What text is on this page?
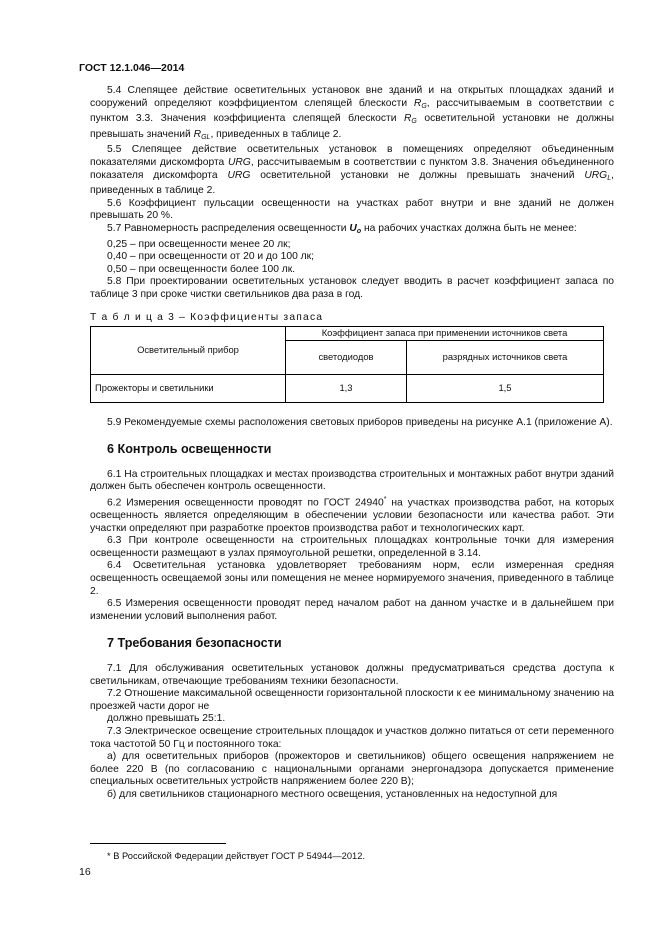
ГОСТ 12.1.046—2014

5.4 Слепящее действие осветительных установок вне зданий и на открытых площадках зданий и сооружений определяют коэффициентом слепящей блескости $R_G$, рассчитываемым в соответствии с пунктом 3.3. Значения коэффициента слепящей блескости $R_G$ осветительной установки не должны превышать значений $R_{GL}$, приведенных в таблице 2.

5.5 Слепящее действие осветительных установок в помещениях определяют объединенным показателями дискомфорта URG, рассчитываемым в соответствии с пунктом 3.8. Значения объединенного показателя дискомфорта URG осветительной установки не должны превышать значений $URG_L$, приведенных в таблице 2.

5.6 Коэффициент пульсации освещенности на участках работ внутри и вне зданий не должен превышать 20 %.

5.7 Равномерность распределения освещенности $U_o$ на рабочих участках должна быть не менее:

0,25 – при освещенности менее 20 лк;

0,40 – при освещенности от 20 и до 100 лк;

0,50 – при освещенности более 100 лк.

5.8 При проектировании осветительных установок следует вводить в расчет коэффициент запаса по таблице 3 при сроке чистки светильников два раза в год.

Т а б л и ц а 3 – Коэффициенты запаса

Осветительный прибор	Коэффициент запаса при применении источников света	
	светодиодов	разрядных источников света
Прожекторы и светильники	1,3	1,5

5.9 Рекомендуемые схемы расположения световых приборов приведены на рисунке А.1 (приложение А).

6 Контроль освещенности

6.1 На строительных площадках и местах производства строительных и монтажных работ внутри зданий должен быть обеспечен контроль освещенности.

6.2 Измерения освещенности проводят по ГОСТ 24940* на участках производства работ, на которых освещенность является определяющим в обеспечении условии безопасности или качества работ. Эти участки определяют при разработке проектов производства работ и технологических карт.

6.3 При контроле освещенности на строительных площадках контрольные точки для измерения освещенности размещают в узлах прямоугольной решетки, определенной в 3.14.

6.4 Осветительная установка удовлетворяет требованиям норм, если измеренная средняя освещенность освещаемой зоны или помещения не менее нормируемого значения, приведенного в таблице 2.

6.5 Измерения освещенности проводят перед началом работ на данном участке и в дальнейшем при изменении условий выполнения работ.

7 Требования безопасности

7.1 Для обслуживания осветительных установок должны предусматриваться средства доступа к светильникам, отвечающие требованиям техники безопасности.

7.2 Отношение максимальной освещенности горизонтальной плоскости к ее минимальному значению на проезжей части дорог не

должно превышать 25:1.

7.3 Электрическое освещение строительных площадок и участков должно питаться от сети переменного тока частотой 50 Гц и постоянного тока:

а) для осветительных приборов (прожекторов и светильников) общего освещения напряжением не более 220 В (по согласованию с национальными органами энергонадзора допускается применение специальных осветительных устройств напряжением более 220 В);

б) для светильников стационарного местного освещения, установленных на недоступной для

* В Российской Федерации действует ГОСТ Р 54944—2012.
16
